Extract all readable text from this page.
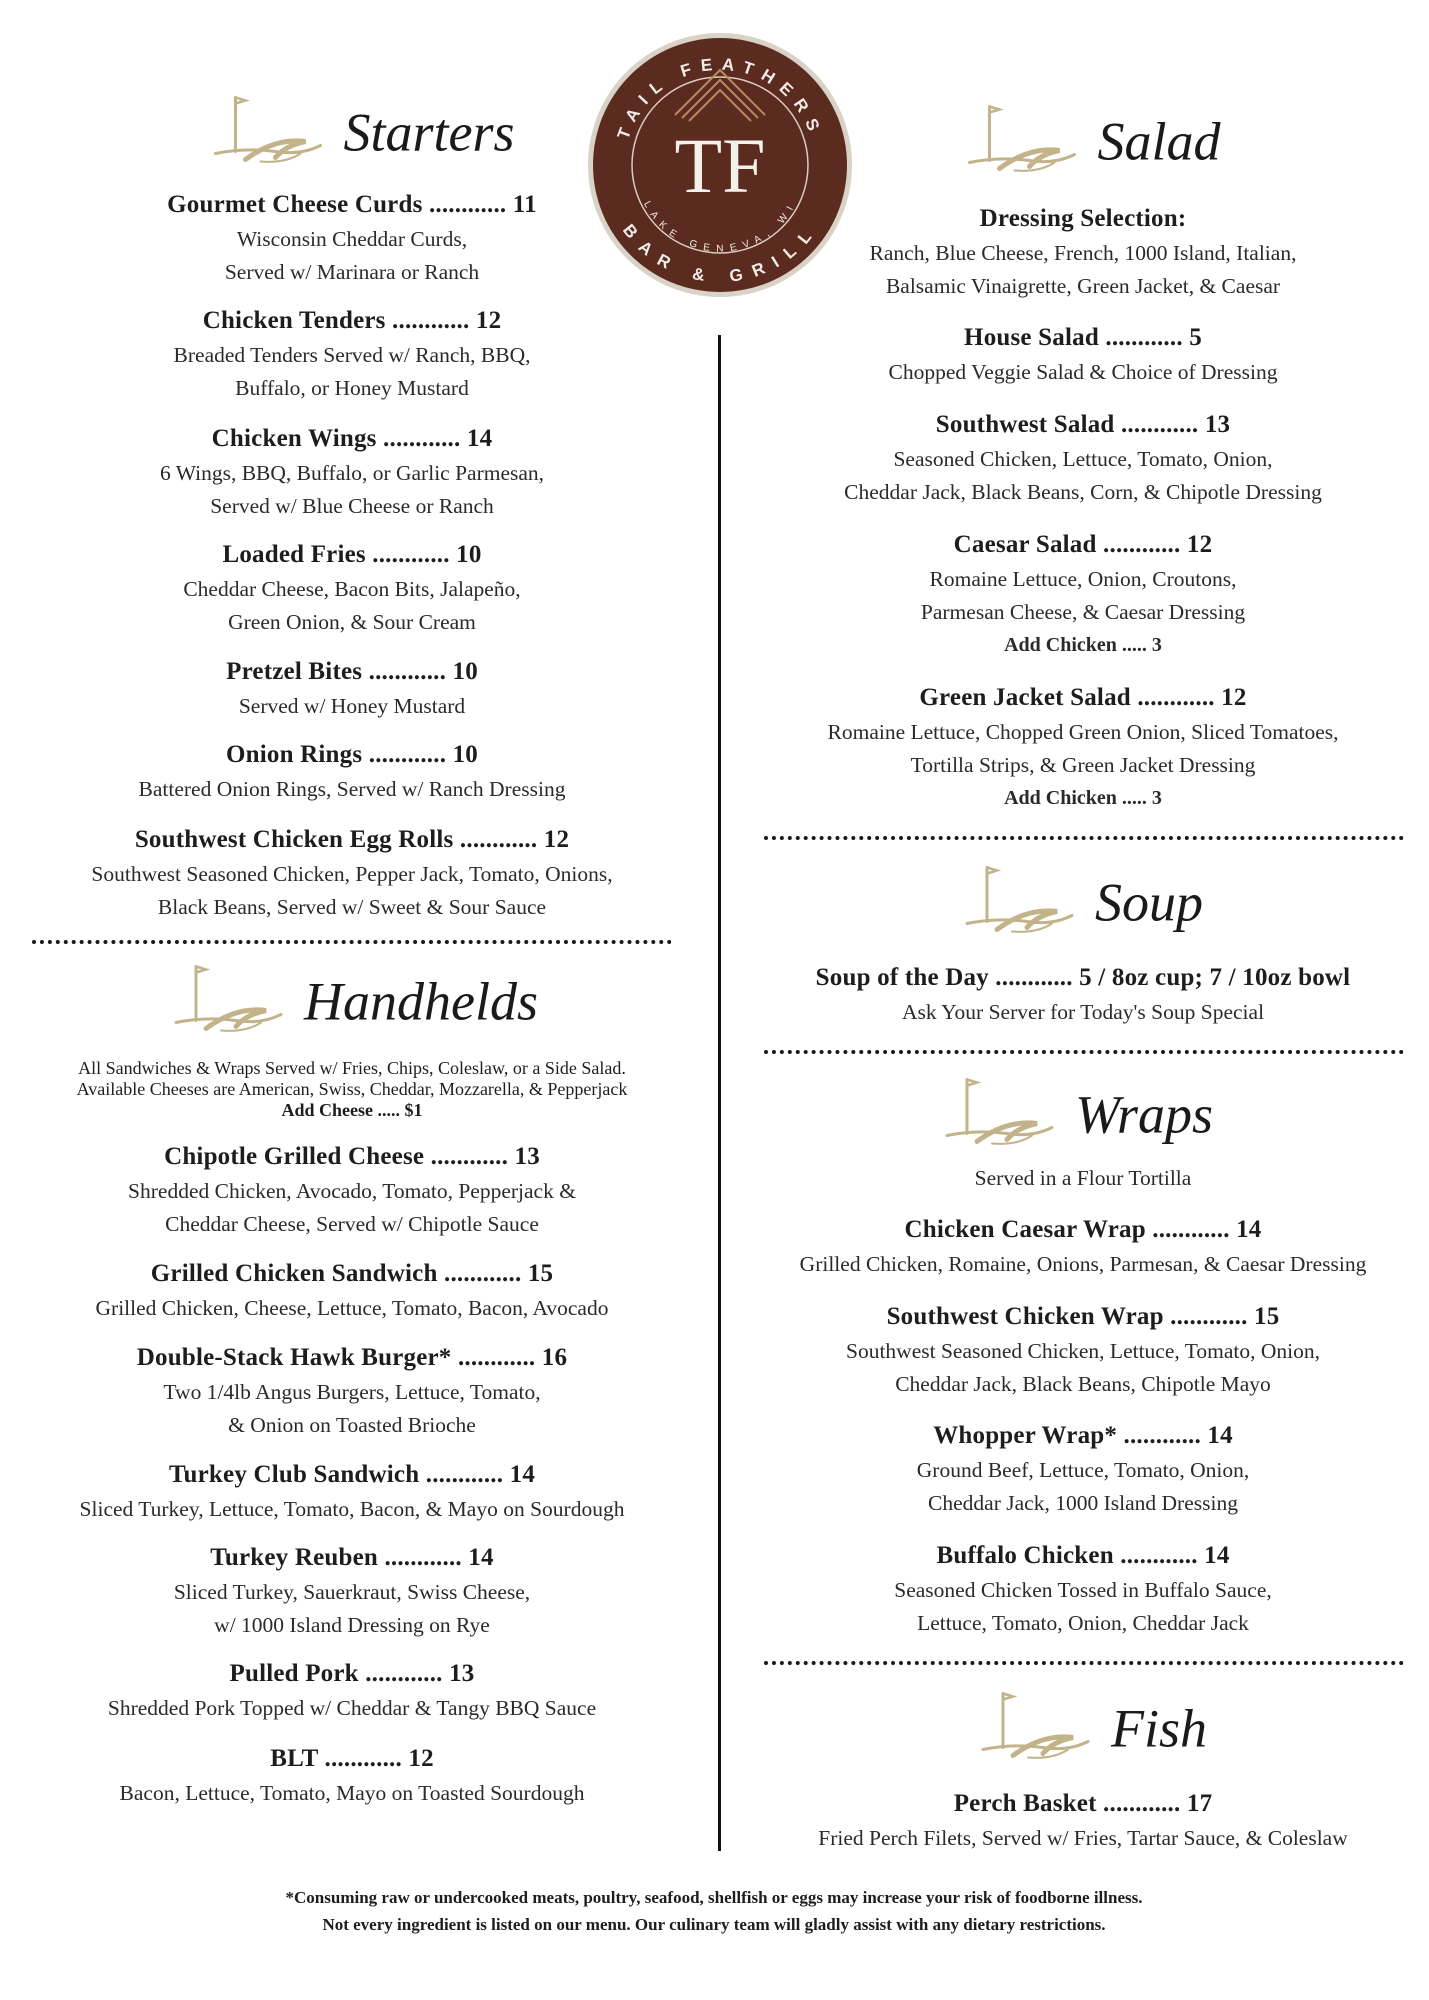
TAIL FEATHERS
BAR & GRILL
LAKE GENEVA, WI
TF
*Consuming raw or undercooked meats, poultry, seafood, shellfish or eggs may increase your risk of foodborne illness.
Not every ingredient is listed on our menu. Our culinary team will gladly assist with any dietary restrictions.
Starters
Gourmet Cheese Curds ............ 11
Wisconsin Cheddar Curds,
Served w/ Marinara or Ranch
Chicken Tenders ............ 12
Breaded Tenders Served w/ Ranch, BBQ,
Buffalo, or Honey Mustard
Chicken Wings ............ 14
6 Wings, BBQ, Buffalo, or Garlic Parmesan,
Served w/ Blue Cheese or Ranch
Loaded Fries ............ 10
Cheddar Cheese, Bacon Bits, Jalapeño,
Green Onion, & Sour Cream
Pretzel Bites ............ 10
Served w/ Honey Mustard
Onion Rings ............ 10
Battered Onion Rings, Served w/ Ranch Dressing
Southwest Chicken Egg Rolls ............ 12
Southwest Seasoned Chicken, Pepper Jack, Tomato, Onions,
Black Beans, Served w/ Sweet & Sour Sauce
Handhelds
All Sandwiches & Wraps Served w/ Fries, Chips, Coleslaw, or a Side Salad.
Available Cheeses are American, Swiss, Cheddar, Mozzarella, & Pepperjack
Add Cheese ..... $1
Chipotle Grilled Cheese ............ 13
Shredded Chicken, Avocado, Tomato, Pepperjack &
Cheddar Cheese, Served w/ Chipotle Sauce
Grilled Chicken Sandwich ............ 15
Grilled Chicken, Cheese, Lettuce, Tomato, Bacon, Avocado
Double-Stack Hawk Burger* ............ 16
Two 1/4lb Angus Burgers, Lettuce, Tomato,
& Onion on Toasted Brioche
Turkey Club Sandwich ............ 14
Sliced Turkey, Lettuce, Tomato, Bacon, & Mayo on Sourdough
Turkey Reuben ............ 14
Sliced Turkey, Sauerkraut, Swiss Cheese,
w/ 1000 Island Dressing on Rye
Pulled Pork ............ 13
Shredded Pork Topped w/ Cheddar & Tangy BBQ Sauce
BLT ............ 12
Bacon, Lettuce, Tomato, Mayo on Toasted Sourdough
Salad
Dressing Selection:
Ranch, Blue Cheese, French, 1000 Island, Italian,
Balsamic Vinaigrette, Green Jacket, & Caesar
House Salad ............ 5
Chopped Veggie Salad & Choice of Dressing
Southwest Salad ............ 13
Seasoned Chicken, Lettuce, Tomato, Onion,
Cheddar Jack, Black Beans, Corn, & Chipotle Dressing
Caesar Salad ............ 12
Romaine Lettuce, Onion, Croutons,
Parmesan Cheese, & Caesar Dressing
Add Chicken ..... 3
Green Jacket Salad ............ 12
Romaine Lettuce, Chopped Green Onion, Sliced Tomatoes,
Tortilla Strips, & Green Jacket Dressing
Add Chicken ..... 3
Soup
Soup of the Day ............ 5 / 8oz cup; 7 / 10oz bowl
Ask Your Server for Today's Soup Special
Wraps
Served in a Flour Tortilla
Chicken Caesar Wrap ............ 14
Grilled Chicken, Romaine, Onions, Parmesan, & Caesar Dressing
Southwest Chicken Wrap ............ 15
Southwest Seasoned Chicken, Lettuce, Tomato, Onion,
Cheddar Jack, Black Beans, Chipotle Mayo
Whopper Wrap* ............ 14
Ground Beef, Lettuce, Tomato, Onion,
Cheddar Jack, 1000 Island Dressing
Buffalo Chicken ............ 14
Seasoned Chicken Tossed in Buffalo Sauce,
Lettuce, Tomato, Onion, Cheddar Jack
Fish
Perch Basket ............ 17
Fried Perch Filets, Served w/ Fries, Tartar Sauce, & Coleslaw
